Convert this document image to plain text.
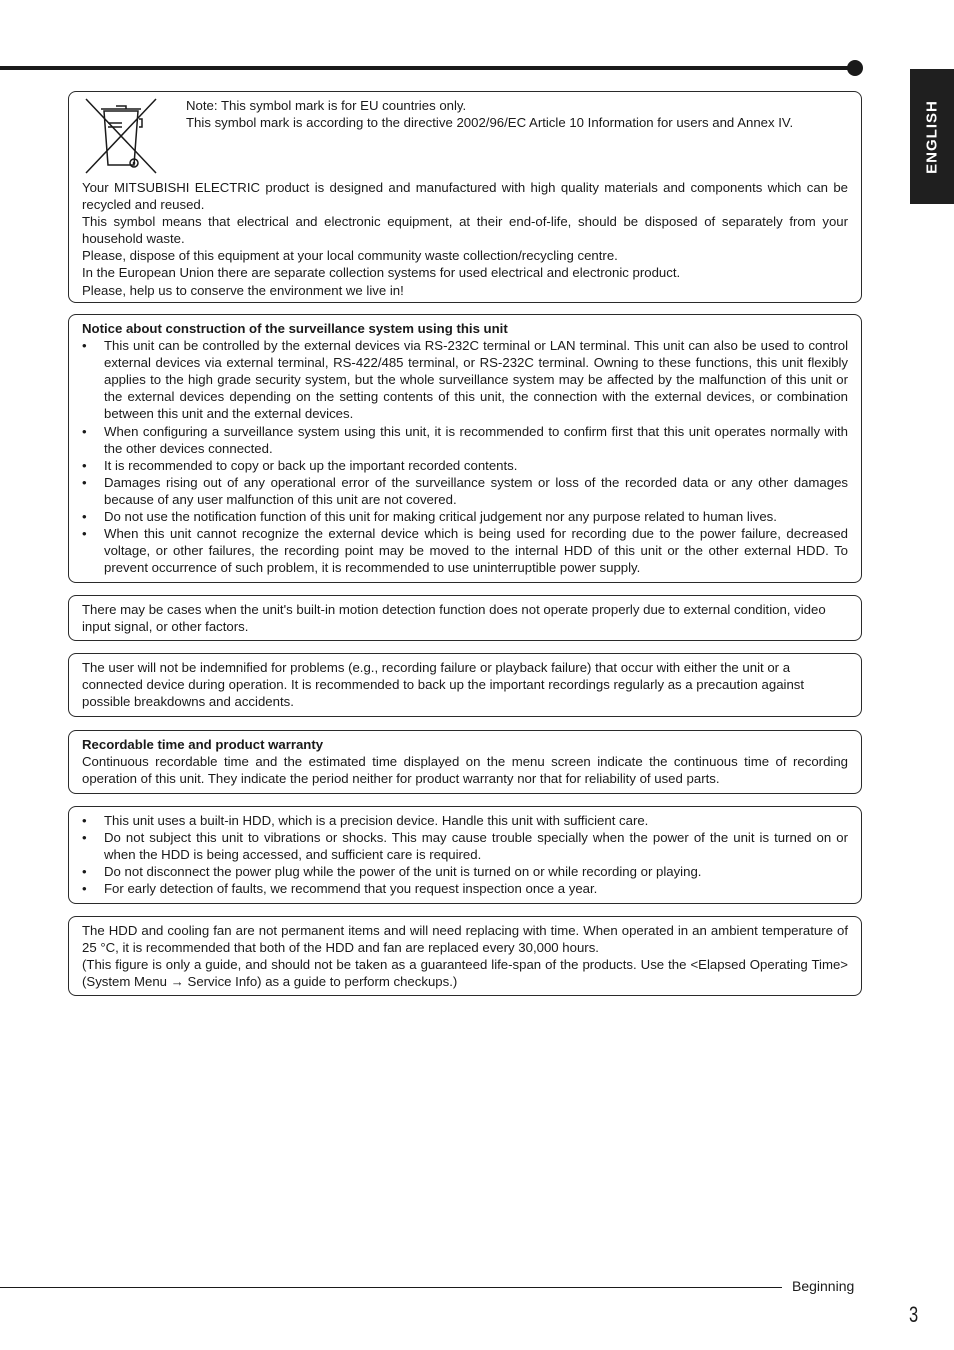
ENGLISH

Note: This symbol mark is for EU countries only.

This symbol mark is according to the directive 2002/96/EC Article 10 Information for users and Annex IV.

Your MITSUBISHI ELECTRIC product is designed and manufactured with high quality materials and components which can be recycled and reused.

This symbol means that electrical and electronic equipment, at their end-of-life, should be disposed of separately from your household waste.

Please, dispose of this equipment at your local community waste collection/recycling centre.

In the European Union there are separate collection systems for used electrical and electronic product.

Please, help us to conserve the environment we live in!

Notice about construction of the surveillance system using this unit

• This unit can be controlled by the external devices via RS-232C terminal or LAN terminal. This unit can also be used to control external devices via external terminal, RS-422/485 terminal, or RS-232C terminal. Owning to these functions, this unit flexibly applies to the high grade security system, but the whole surveillance system may be affected by the malfunction of this unit or the external devices depending on the setting contents of this unit, the connection with the external devices, or combination between this unit and the external devices.
• When configuring a surveillance system using this unit, it is recommended to confirm first that this unit operates normally with the other devices connected.
• It is recommended to copy or back up the important recorded contents.
• Damages rising out of any operational error of the surveillance system or loss of the recorded data or any other damages because of any user malfunction of this unit are not covered.
• Do not use the notification function of this unit for making critical judgement nor any purpose related to human lives.
• When this unit cannot recognize the external device which is being used for recording due to the power failure, decreased voltage, or other failures, the recording point may be moved to the internal HDD of this unit or the other external HDD. To prevent occurrence of such problem, it is recommended to use uninterruptible power supply.

There may be cases when the unit's built-in motion detection function does not operate properly due to external condition, video input signal, or other factors.

The user will not be indemnified for problems (e.g., recording failure or playback failure) that occur with either the unit or a connected device during operation. It is recommended to back up the important recordings regularly as a precaution against possible breakdowns and accidents.

Recordable time and product warranty

Continuous recordable time and the estimated time displayed on the menu screen indicate the continuous time of recording operation of this unit. They indicate the period neither for product warranty nor that for reliability of used parts.

• This unit uses a built-in HDD, which is a precision device. Handle this unit with sufficient care.
• Do not subject this unit to vibrations or shocks. This may cause trouble specially when the power of the unit is turned on or when the HDD is being accessed, and sufficient care is required.
• Do not disconnect the power plug while the power of the unit is turned on or while recording or playing.
• For early detection of faults, we recommend that you request inspection once a year.

The HDD and cooling fan are not permanent items and will need replacing with time. When operated in an ambient temperature of 25 °C, it is recommended that both of the HDD and fan are replaced every 30,000 hours.

(This figure is only a guide, and should not be taken as a guaranteed life-span of the products. Use the <Elapsed Operating Time> (System Menu → Service Info) as a guide to perform checkups.)

Beginning
3
